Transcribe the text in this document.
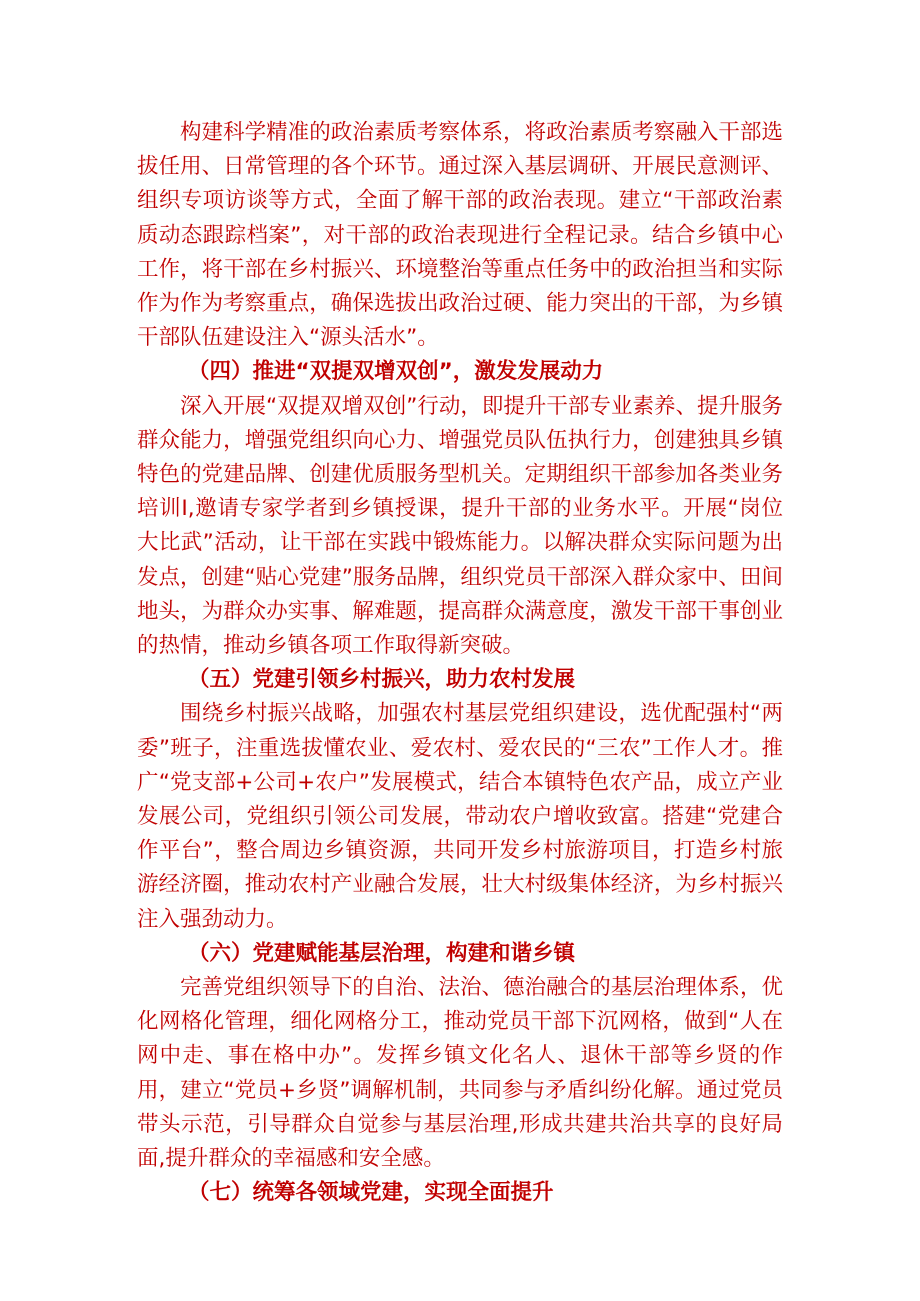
构建科学精准的政治素质考察体系，将政治素质考察融入干部选拔任用、日常管理的各个环节。通过深入基层调研、开展民意测评、组织专项访谈等方式，全面了解干部的政治表现。建立“干部政治素质动态跟踪档案”，对干部的政治表现进行全程记录。结合乡镇中心工作，将干部在乡村振兴、环境整治等重点任务中的政治担当和实际作为作为考察重点，确保选拔出政治过硬、能力突出的干部，为乡镇干部队伍建设注入“源头活水”。

（四）推进“双提双增双创”，激发发展动力

深入开展“双提双增双创”行动，即提升干部专业素养、提升服务群众能力，增强党组织向心力、增强党员队伍执行力，创建独具乡镇特色的党建品牌、创建优质服务型机关。定期组织干部参加各类业务培训I,邀请专家学者到乡镇授课，提升干部的业务水平。开展“岗位大比武”活动，让干部在实践中锻炼能力。以解决群众实际问题为出发点，创建“贴心党建”服务品牌，组织党员干部深入群众家中、田间地头，为群众办实事、解难题，提高群众满意度，激发干部干事创业的热情，推动乡镇各项工作取得新突破。

（五）党建引领乡村振兴，助力农村发展

围绕乡村振兴战略，加强农村基层党组织建设，选优配强村“两委”班子，注重选拔懂农业、爱农村、爱农民的“三农”工作人才。推广“党支部+公司+农户”发展模式，结合本镇特色农产品，成立产业发展公司，党组织引领公司发展，带动农户增收致富。搭建“党建合作平台”，整合周边乡镇资源，共同开发乡村旅游项目，打造乡村旅游经济圈，推动农村产业融合发展，壮大村级集体经济，为乡村振兴注入强劲动力。

（六）党建赋能基层治理，构建和谐乡镇

完善党组织领导下的自治、法治、德治融合的基层治理体系，优化网格化管理，细化网格分工，推动党员干部下沉网格，做到“人在网中走、事在格中办”。发挥乡镇文化名人、退休干部等乡贤的作用，建立“党员+乡贤”调解机制，共同参与矛盾纠纷化解。通过党员带头示范，引导群众自觉参与基层治理,形成共建共治共享的良好局面,提升群众的幸福感和安全感。

（七）统筹各领域党建，实现全面提升
